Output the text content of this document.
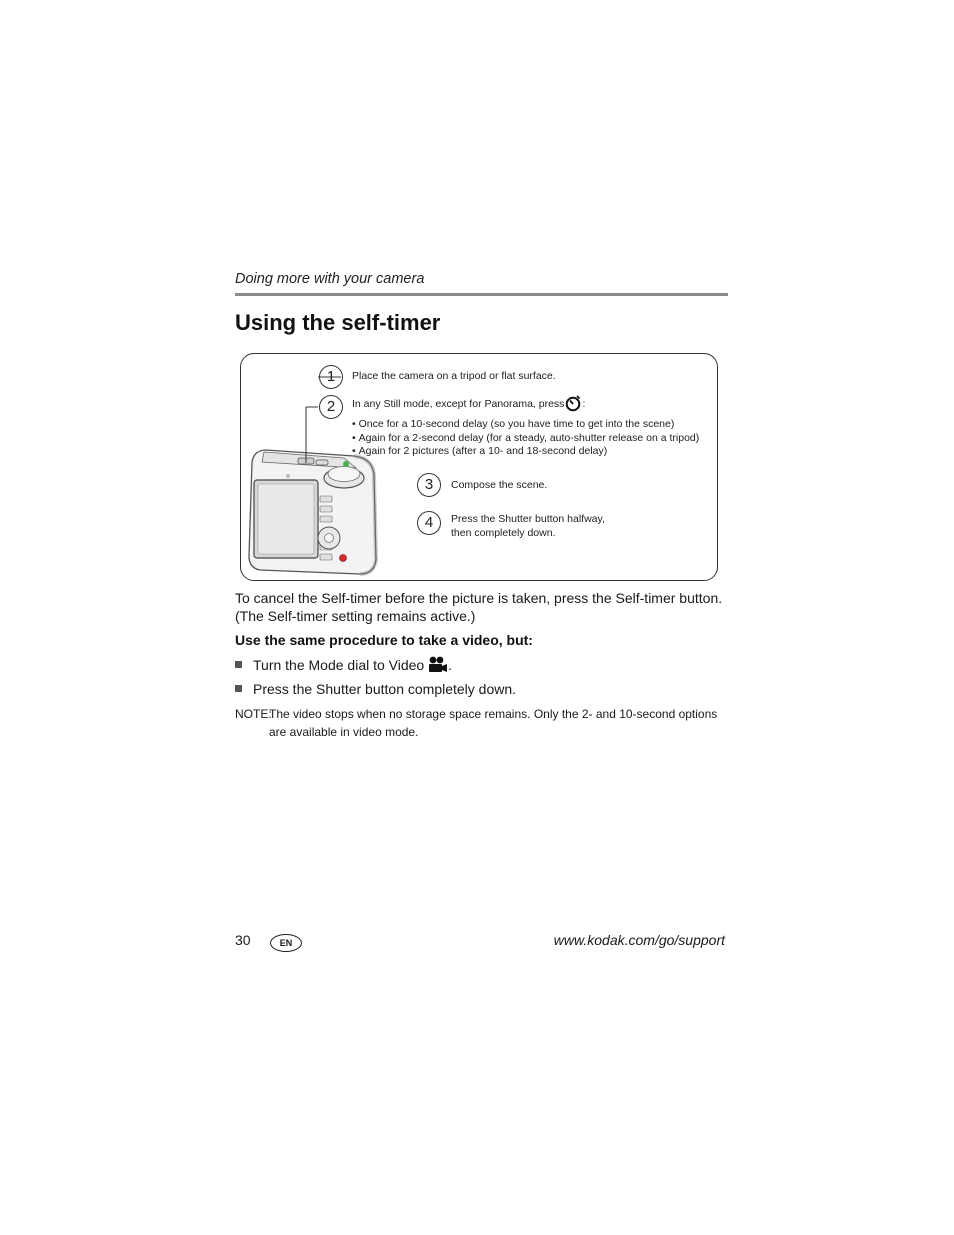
Doing more with your camera
Using the self-timer
1	Place the camera on a tripod or flat surface.
2	In any Still mode, except for Panorama, press :
• Once for a 10-second delay (so you have time to get into the scene)
• Again for a 2-second delay (for a steady, auto-shutter release on a tripod)
• Again for 2 pictures (after a 10- and 18-second delay)
3	Compose the scene.
4	Press the Shutter button halfway,
then completely down.

To cancel the Self-timer before the picture is taken, press the Self-timer button. (The Self-timer setting remains active.)

Use the same procedure to take a video, but:
Turn the Mode dial to Video .
Press the Shutter button completely down.
NOTE:
The video stops when no storage space remains. Only the 2- and 10-second options are available in video mode.
30	EN	www.kodak.com/go/support
